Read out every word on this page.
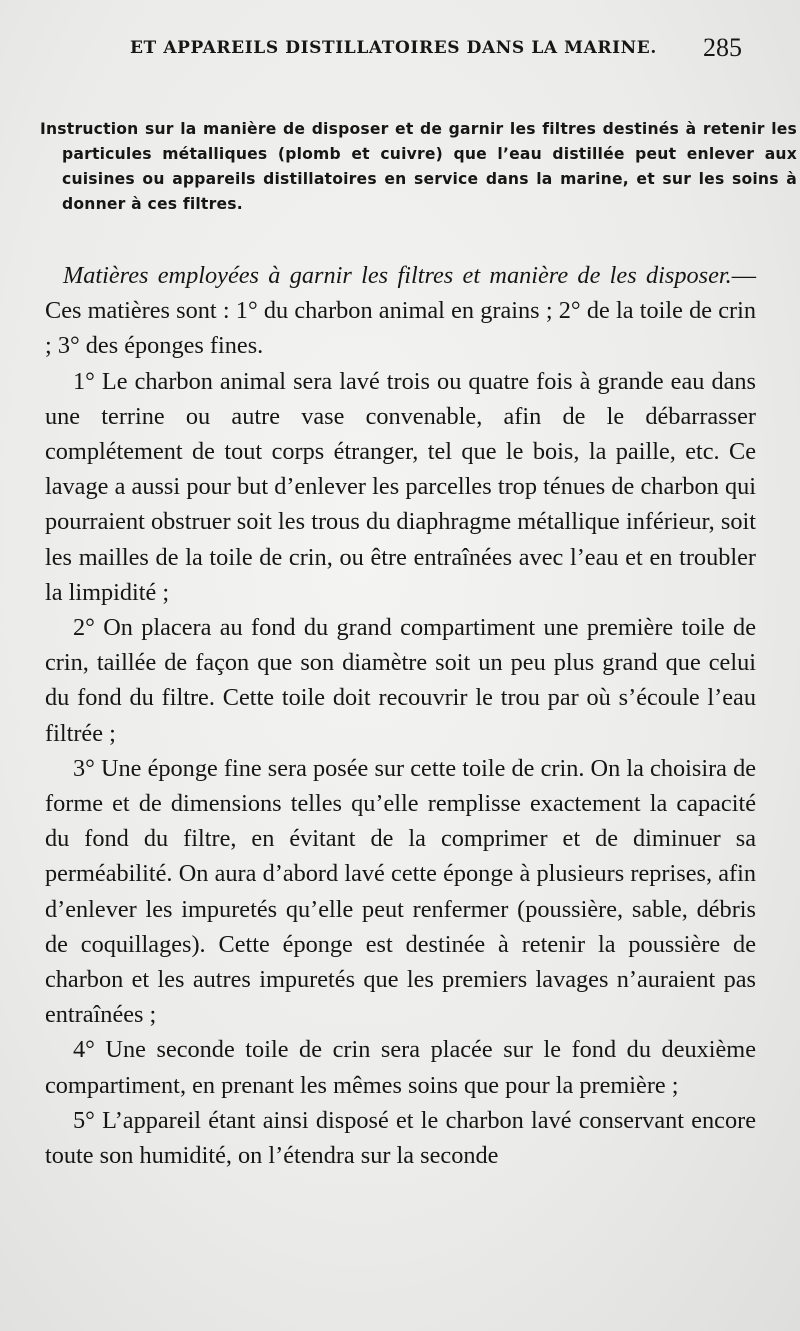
ET APPAREILS DISTILLATOIRES DANS LA MARINE. 285
Instruction sur la manière de disposer et de garnir les filtres destinés à retenir les particules métalliques (plomb et cuivre) que l’eau distillée peut enlever aux cuisines ou appareils distillatoires en service dans la marine, et sur les soins à donner à ces filtres.

Matières employées à garnir les filtres et manière de les disposer.—Ces matières sont : 1° du charbon animal en grains ; 2° de la toile de crin ; 3° des éponges fines.

1° Le charbon animal sera lavé trois ou quatre fois à grande eau dans une terrine ou autre vase convenable, afin de le débarrasser complétement de tout corps étranger, tel que le bois, la paille, etc. Ce lavage a aussi pour but d’enlever les parcelles trop ténues de charbon qui pourraient obstruer soit les trous du diaphragme métallique inférieur, soit les mailles de la toile de crin, ou être entraînées avec l’eau et en troubler la limpidité ;

2° On placera au fond du grand compartiment une première toile de crin, taillée de façon que son diamètre soit un peu plus grand que celui du fond du filtre. Cette toile doit recouvrir le trou par où s’écoule l’eau filtrée ;

3° Une éponge fine sera posée sur cette toile de crin. On la choisira de forme et de dimensions telles qu’elle remplisse exactement la capacité du fond du filtre, en évitant de la comprimer et de diminuer sa perméabilité. On aura d’abord lavé cette éponge à plusieurs reprises, afin d’enlever les impuretés qu’elle peut renfermer (poussière, sable, débris de coquillages). Cette éponge est destinée à retenir la poussière de charbon et les autres impuretés que les premiers lavages n’auraient pas entraînées ;

4° Une seconde toile de crin sera placée sur le fond du deuxième compartiment, en prenant les mêmes soins que pour la première ;

5° L’appareil étant ainsi disposé et le charbon lavé conservant encore toute son humidité, on l’étendra sur la seconde
